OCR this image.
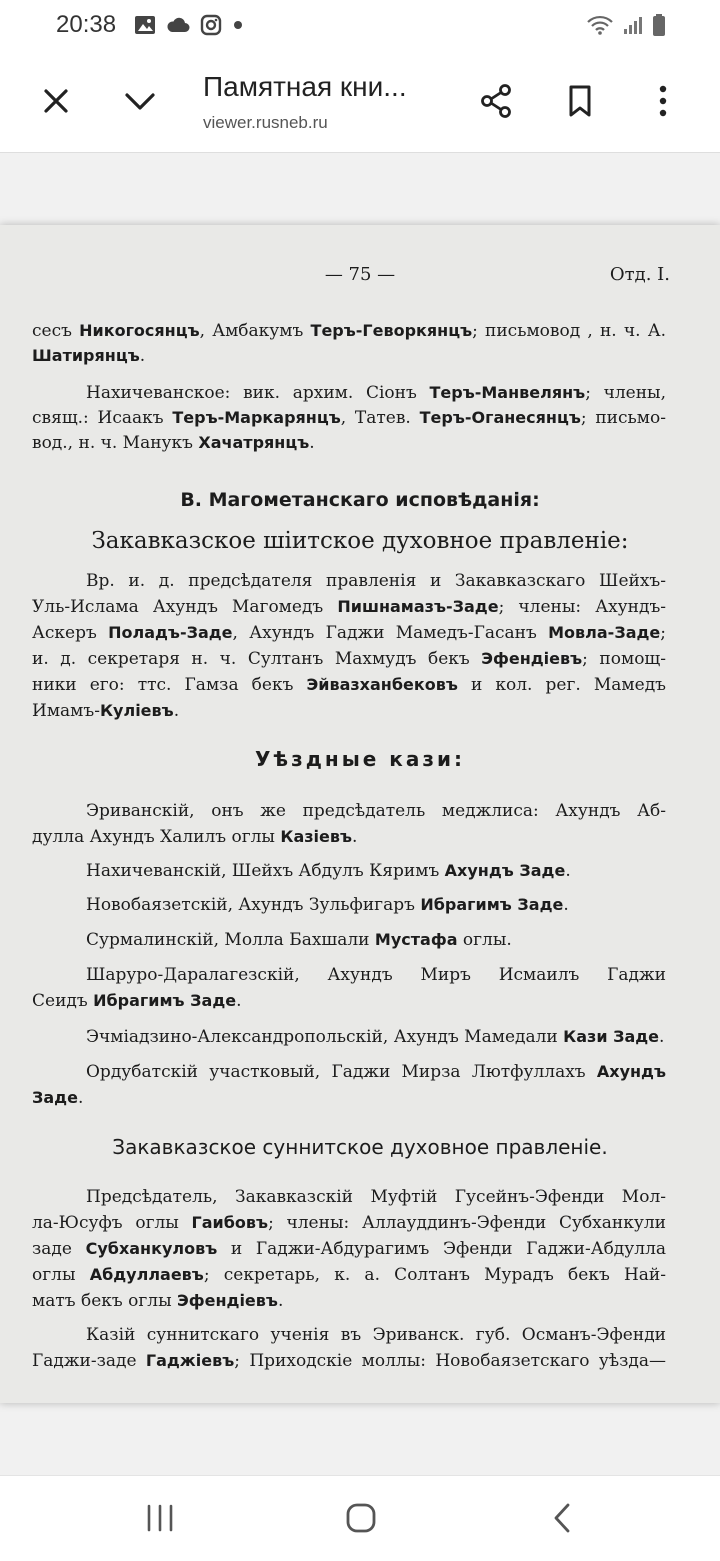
20:38
Памятная кни...
viewer.rusneb.ru
— 75 —	Отд. I.
сесъ Никогосянцъ, Амбакумъ Теръ-Геворкянцъ; письмовод , н. ч. А.
Шатирянцъ.
Нахичеванское: вик. архим. Сіонъ Теръ-Манвелянъ; члены,
свящ.: Исаакъ Теръ-Маркарянцъ, Татев. Теръ-Оганесянцъ; письмо-
вод., н. ч. Манукъ Хачатрянцъ.
В. Магометанскаго исповѣданія:
Закавказское шіитское духовное правленіе:
Вр. и. д. предсѣдателя правленія и Закавказскаго Шейхъ-
Уль-Ислама Ахундъ Магомедъ Пишнамазъ-Заде; члены: Ахундъ-
Аскеръ Поладъ-Заде, Ахундъ Гаджи Мамедъ-Гасанъ Мовла-Заде;
и. д. секретаря н. ч. Султанъ Махмудъ бекъ Эфендіевъ; помощ-
ники его: ттс. Гамза бекъ Эйвазханбековъ и кол. рег. Мамедъ
Имамъ-Куліевъ.
Уѣздные кази:
Эриванскій, онъ же предсѣдатель меджлиса: Ахундъ Аб-
дулла Ахундъ Халилъ оглы Казіевъ.
Нахичеванскій, Шейхъ Абдулъ Кяримъ Ахундъ Заде.
Новобаязетскій, Ахундъ Зульфигаръ Ибрагимъ Заде.
Сурмалинскій, Молла Бахшали Мустафа оглы.
Шаруро-Даралагезскій, Ахундъ Миръ Исмаилъ Гаджи
Сеидъ Ибрагимъ Заде.
Эчміадзино-Александропольскій, Ахундъ Мамедали Кази Заде.
Ордубатскій участковый, Гаджи Мирза Лютфуллахъ Ахундъ
Заде.
Закавказское суннитское духовное правленіе.
Предсѣдатель, Закавказскій Муфтій Гусейнъ-Эфенди Мол-
ла-Юсуфъ оглы Гаибовъ; члены: Аллауддинъ-Эфенди Субханкули
заде Субханкуловъ и Гаджи-Абдурагимъ Эфенди Гаджи-Абдулла
оглы Абдуллаевъ; секретарь, к. а. Солтанъ Мурадъ бекъ Най-
матъ бекъ оглы Эфендіевъ.
Казій суннитскаго ученія въ Эриванск. губ. Османъ-Эфенди
Гаджи-заде Гаджіевъ; Приходскіе моллы: Новобаязетскаго уѣзда—
